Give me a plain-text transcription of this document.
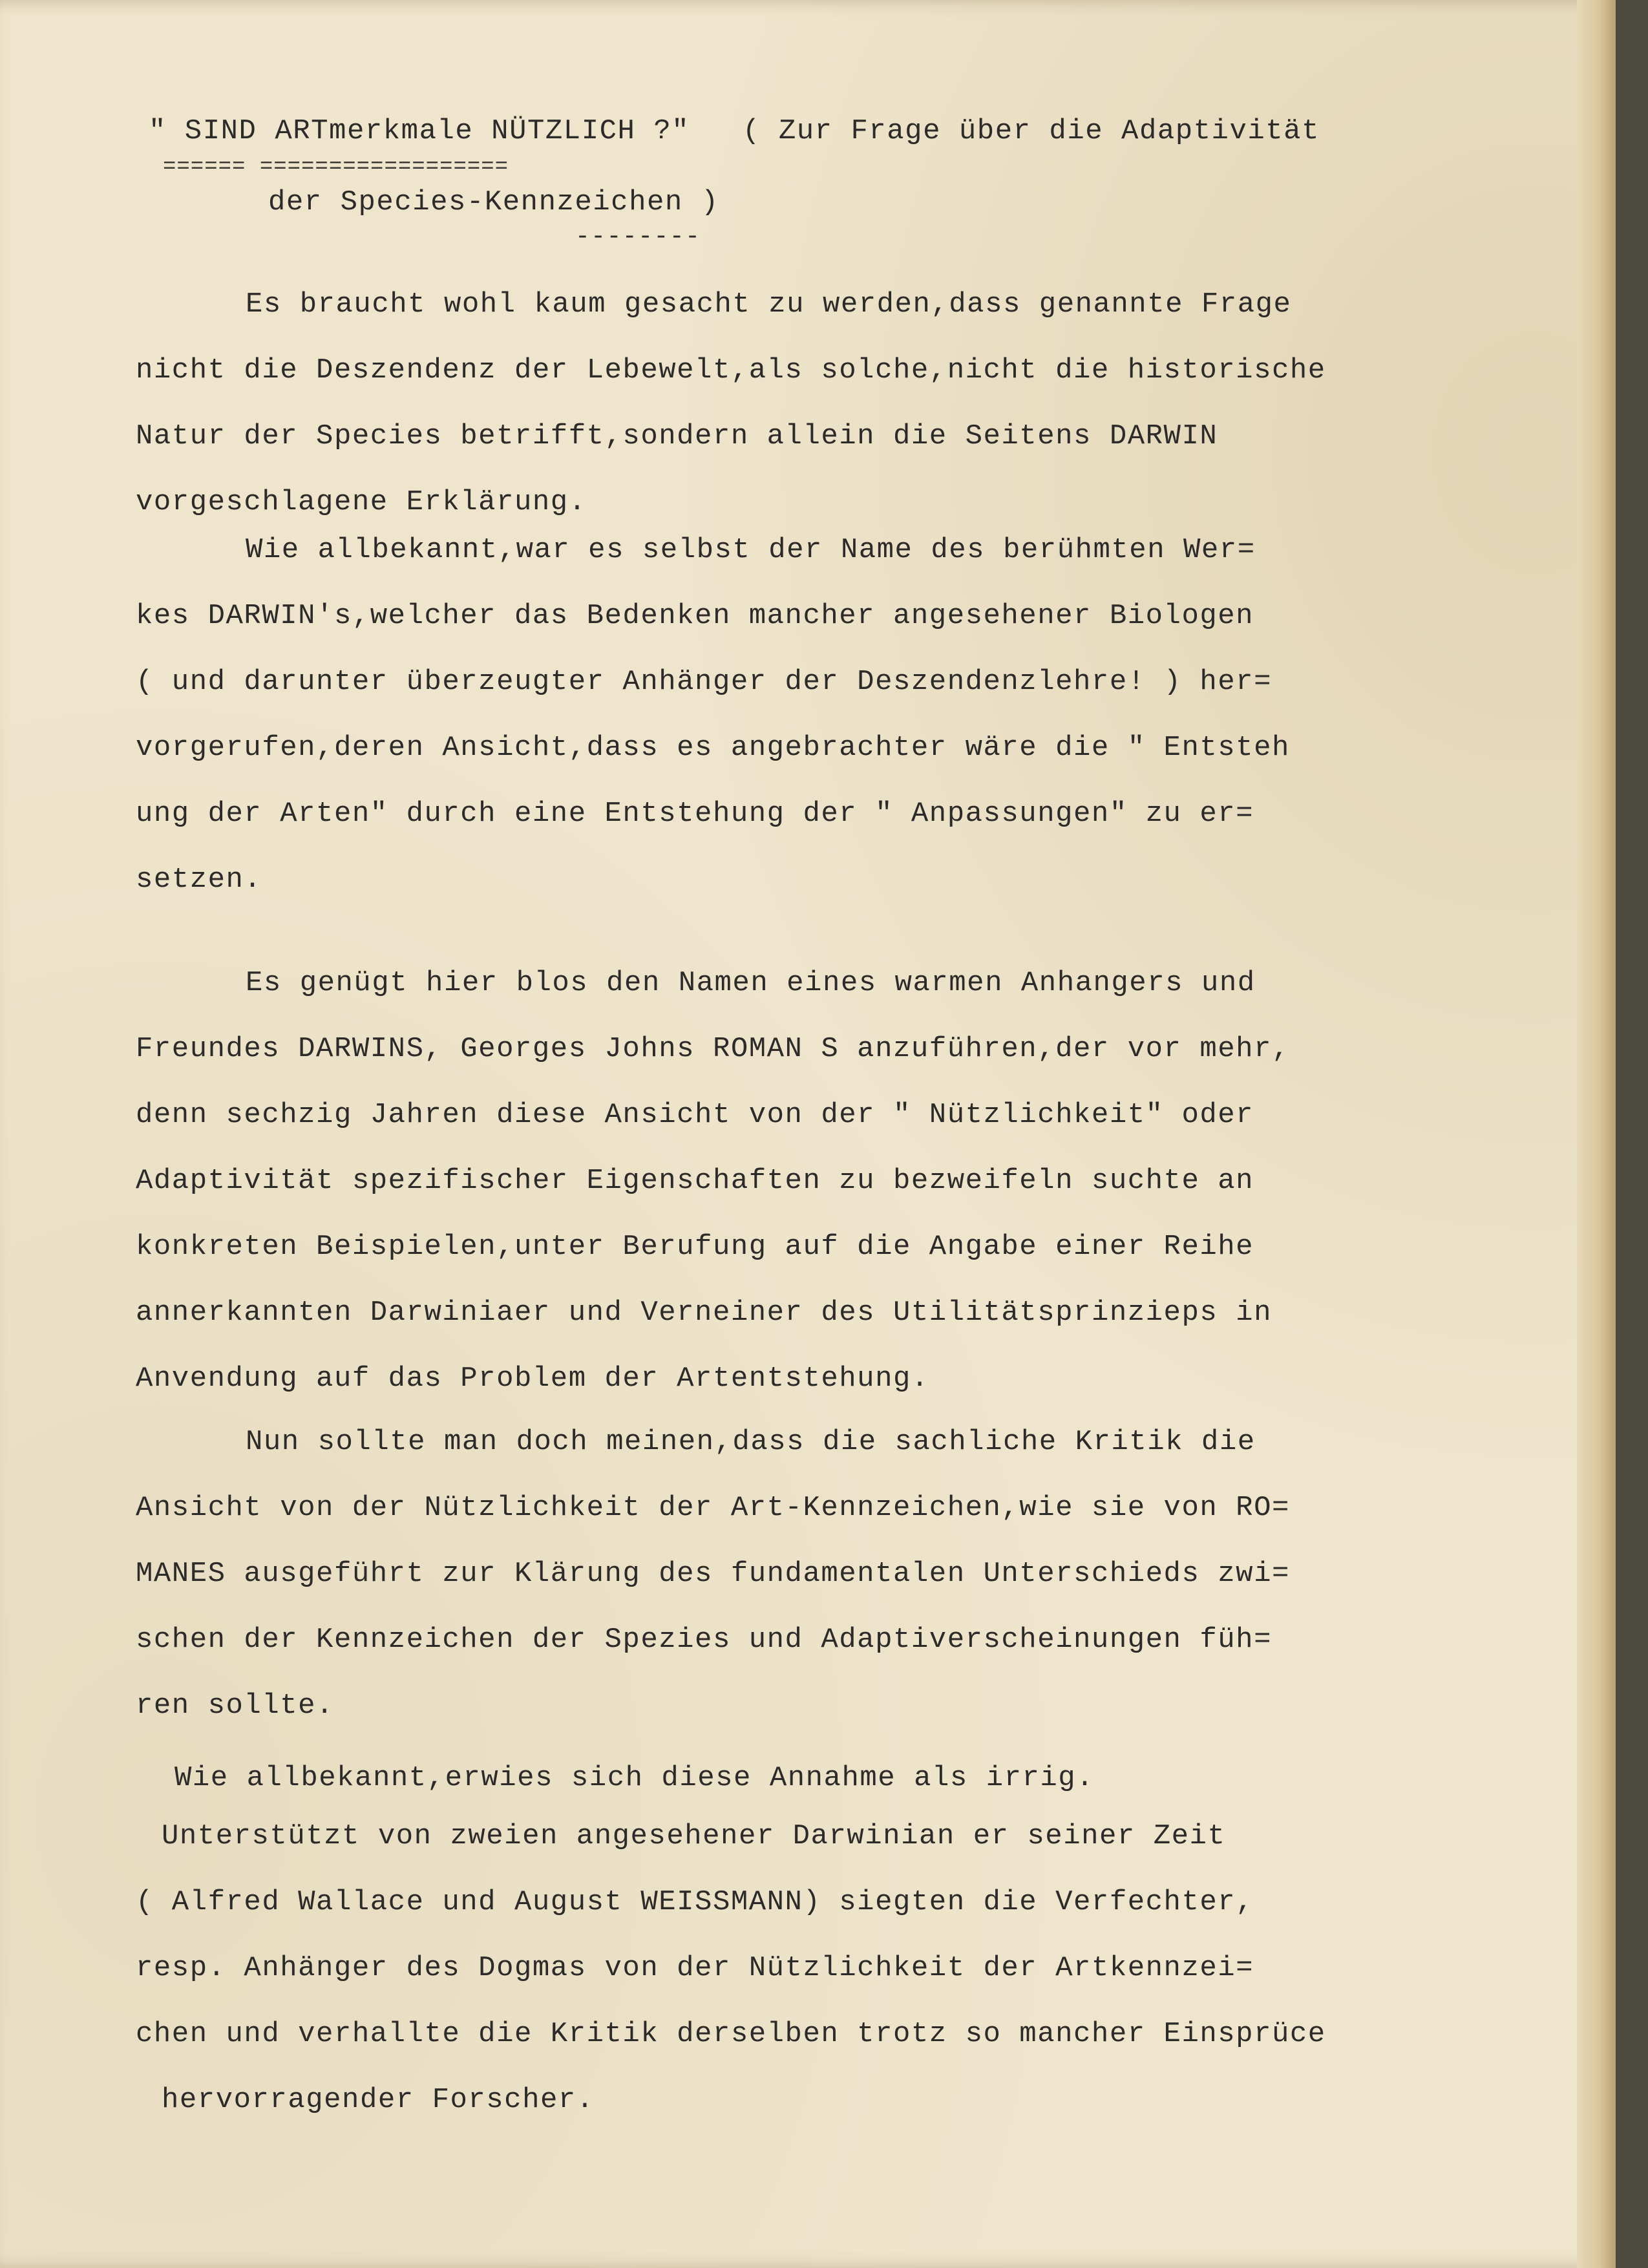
" SIND ARTmerkmale NÜTZLICH ?" ( Zur Frage über die Adaptivität
====== ==================
der Species-Kennzeichen )
--------
Es braucht wohl kaum gesacht zu werden,dass genannte Frage
nicht die Deszendenz der Lebewelt,als solche,nicht die historische
Natur der Species betrifft,sondern allein die Seitens DARWIN
vorgeschlagene Erklärung.
Wie allbekannt,war es selbst der Name des berühmten Wer=
kes DARWIN's,welcher das Bedenken mancher angesehener Biologen
( und darunter überzeugter Anhänger der Deszendenzlehre! ) her=
vorgerufen,deren Ansicht,dass es angebrachter wäre die " Entsteh
ung der Arten" durch eine Entstehung der " Anpassungen" zu er=
setzen.
Es genügt hier blos den Namen eines warmen Anhangers und
Freundes DARWINS, Georges Johns ROMAN S anzuführen,der vor mehr,
denn sechzig Jahren diese Ansicht von der " Nützlichkeit" oder
Adaptivität spezifischer Eigenschaften zu bezweifeln suchte an
konkreten Beispielen,unter Berufung auf die Angabe einer Reihe
annerkannten Darwiniaer und Verneiner des Utilitätsprinzieps in
Anvendung auf das Problem der Artentstehung.
Nun sollte man doch meinen,dass die sachliche Kritik die
Ansicht von der Nützlichkeit der Art-Kennzeichen,wie sie von RO=
MANES ausgeführt zur Klärung des fundamentalen Unterschieds zwi=
schen der Kennzeichen der Spezies und Adaptiverscheinungen füh=
ren sollte.
Wie allbekannt,erwies sich diese Annahme als irrig.
Unterstützt von zweien angesehener Darwinian er seiner Zeit
( Alfred Wallace und August WEISSMANN) siegten die Verfechter,
resp. Anhänger des Dogmas von der Nützlichkeit der Artkennzei=
chen und verhallte die Kritik derselben trotz so mancher Einsprüce
hervorragender Forscher.
